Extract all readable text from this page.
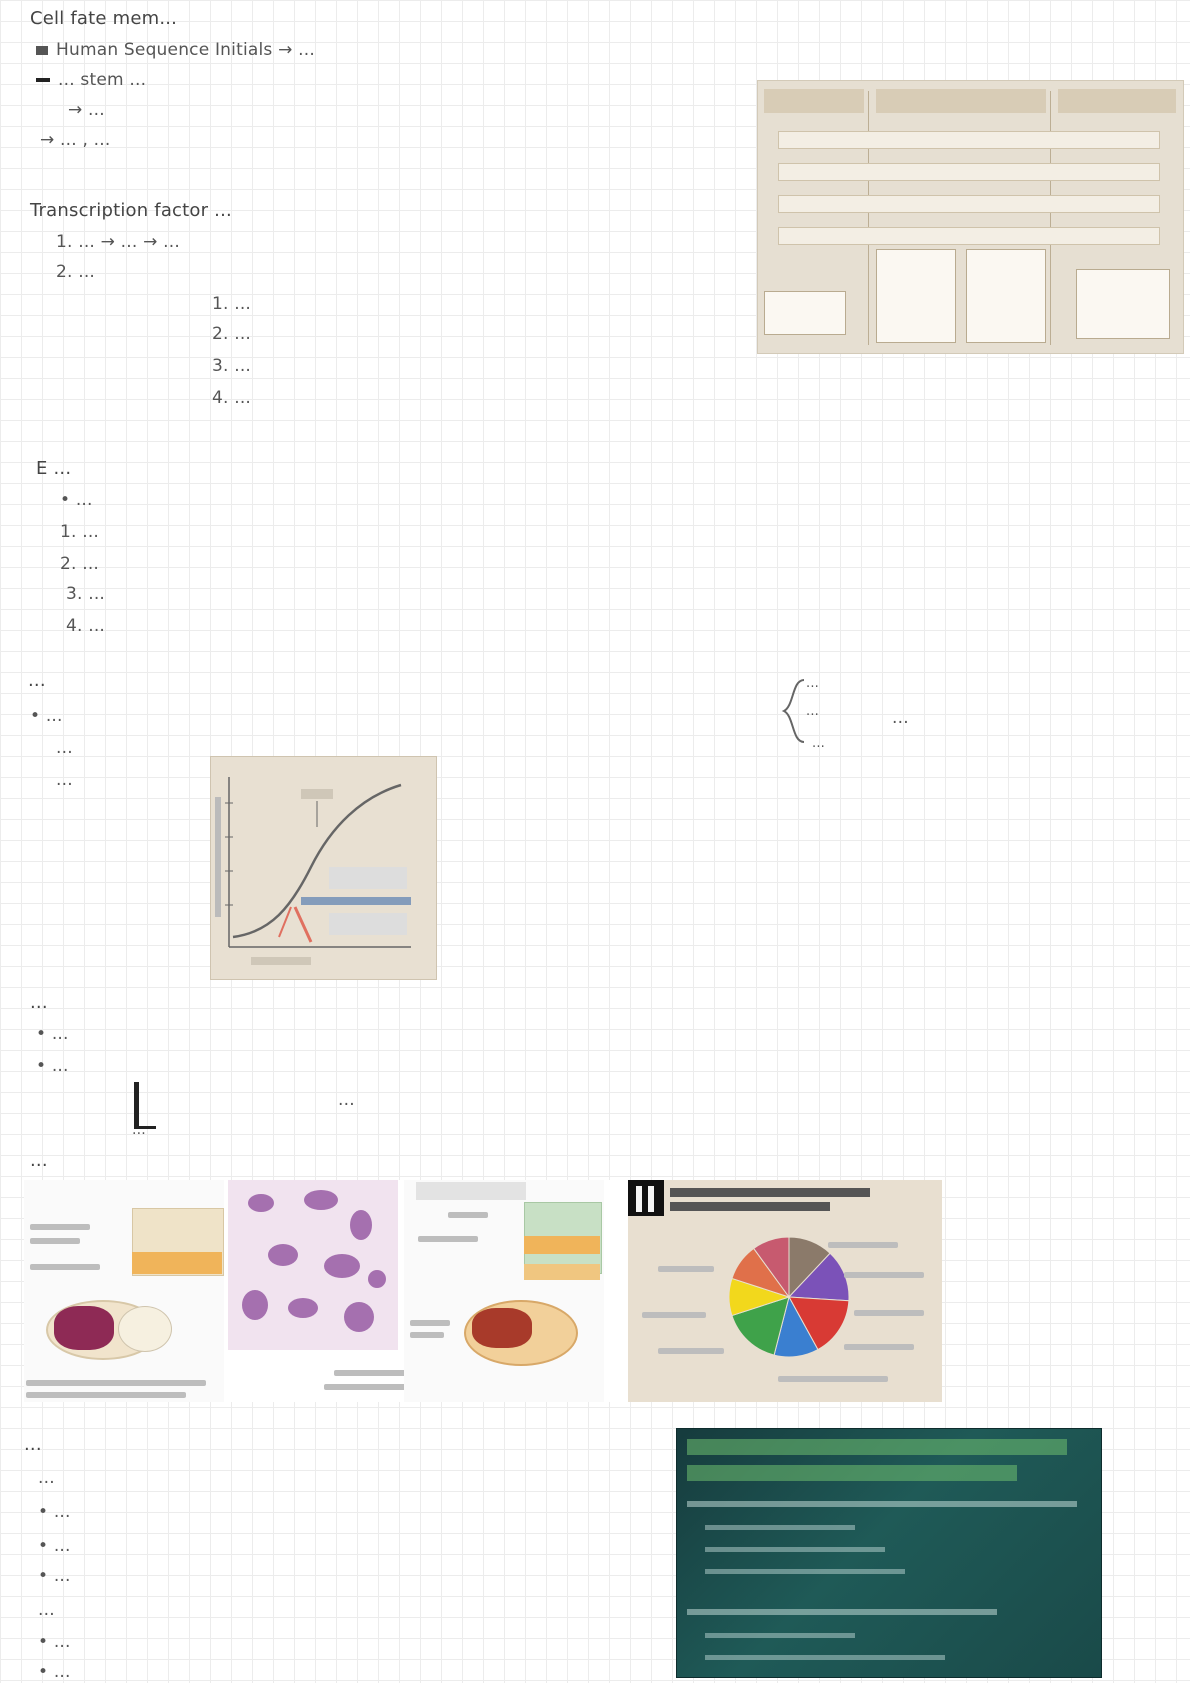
Cell fate mem...
Human Sequence Initials → ...
... stem ...
→ ...
→ ... , ...
Transcription factor ...
1. ... → ... → ...
2. ...
1. ...
2. ...
3. ...
4. ...
E ...
• ...
1. ...
2. ...
3. ...
4. ...
...
• ...
...
...
...
...
...
...
...
• ...
• ...
...
...
...
...
...
• ...
• ...
• ...
...
• ...
• ...
